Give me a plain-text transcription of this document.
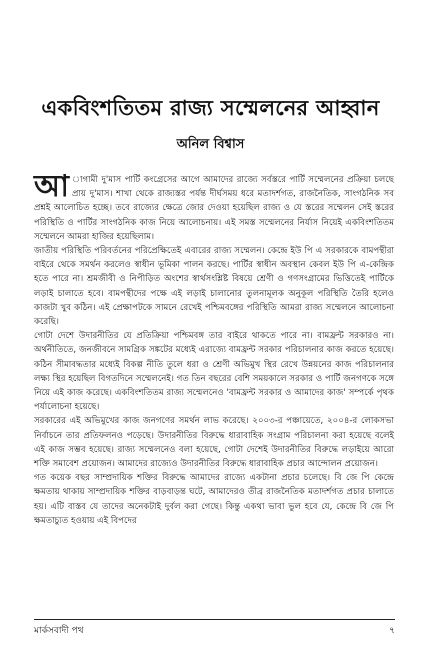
একবিংশতিতম রাজ্য সম্মেলনের আহ্বান
অনিল বিশ্বাস

আ াগামী দু'মাস পার্টি কংগ্রেসের আগে আমাদের রাজ্যে সর্বস্তরে পার্টি সম্মেলনের প্রক্রিয়া চলছে প্রায় দু'মাস। শাখা থেকে রাজ্যস্তর পর্যন্ত দীর্ঘসময় ধরে মতাদর্শগত, রাজনৈতিক, সাংগঠনিক সব প্রশ্নই আলোচিত হচ্ছে। তবে রাজ্যের ক্ষেত্রে জোর দেওয়া হয়েছিল রাজ্য ও যে স্তরের সম্মেলন সেই স্তরের পরিস্থিতি ও পার্টির সাংগঠনিক কাজ নিয়ে আলোচনায়। এই সমস্ত সম্মেলনের নির্যাস নিয়েই একবিংশতিতম সম্মেলনে আমরা হাজির হয়েছিলাম।

জাতীয় পরিস্থিতি পরিবর্তনের পরিপ্রেক্ষিতেই এবারের রাজ্য সম্মেলন। কেন্দ্রে ইউ পি এ সরকারকে বামপন্থীরা বাইরে থেকে সমর্থন করলেও স্বাধীন ভূমিকা পালন করছে। পার্টির স্বাধীন অবস্থান কেবল ইউ পি এ-কেন্দ্রিক হতে পারে না। শ্রমজীবী ও নিপীড়িত অংশের স্বার্থসংশ্লিষ্ট বিষয়ে শ্রেণী ও গণসংগ্রামের ভিত্তিতেই পার্টিকে লড়াই চালাতে হবে। বামপন্থীদের পক্ষে এই লড়াই চালানোর তুলনামূলক অনুকূল পরিস্থিতি তৈরি হলেও কাজটা খুব কঠিন। এই প্রেক্ষাপটকে সামনে রেখেই পশ্চিমবঙ্গের পরিস্থিতি আমরা রাজ্য সম্মেলনে আলোচনা করেছি।

গোটা দেশে উদারনীতির যে প্রতিক্রিয়া পশ্চিমবঙ্গ তার বাইরে থাকতে পারে না। বামফ্রন্ট সরকারও না। অর্থনীতিতে, জনজীবনে সামগ্রিক সঙ্কটের মধ্যেই এরাজ্যে বামফ্রন্ট সরকার পরিচালনার কাজ করতে হয়েছে। কঠিন সীমাবদ্ধতার মধ্যেই বিকল্প নীতি তুলে ধরা ও শ্রেণী অভিমুখ স্থির রেখে উন্নয়নের কাজ পরিচালনার লক্ষ্য স্থির হয়েছিল বিগতদিনে সম্মেলনেই। গত তিন বছরের বেশি সময়কালে সরকার ও পার্টি জনগণকে সঙ্গে নিয়ে এই কাজ করেছে। একবিংশতিতম রাজ্য সম্মেলনেও 'বামফ্রন্ট সরকার ও আমাদের কাজ' সম্পর্কে পৃথক পর্যালোচনা হয়েছে।

সরকারের এই অভিমুখের কাজ জনগণের সমর্থন লাভ করেছে। ২০০৩-র পঞ্চায়েতে, ২০০৪-র লোকসভা নির্বাচনে তার প্রতিফলনও পড়েছে। উদারনীতির বিরুদ্ধে ধারাবাহিক সংগ্রাম পরিচালনা করা হয়েছে বলেই এই কাজ সম্ভব হয়েছে। রাজ্য সম্মেলনেও বলা হয়েছে, গোটা দেশেই উদারনীতির বিরুদ্ধে লড়াইয়ে আরো শক্তি সমাবেশ প্রয়োজন। আমাদের রাজ্যেও উদারনীতির বিরুদ্ধে ধারাবাহিক প্রচার আন্দোলন প্রয়োজন।

গত কয়েক বছর সাম্প্রদায়িক শক্তির বিরুদ্ধে আমাদের রাজ্যে একটানা প্রচার চলেছে। বি জে পি কেন্দ্রে ক্ষমতায় থাকায় সাম্প্রদায়িক শক্তির বাড়বাড়ন্ত ঘটে, আমাদেরও তীব্র রাজনৈতিক মতাদর্শগত প্রচার চালাতে হয়। এটি বাস্তব যে তাদের অনেকটাই দুর্বল করা গেছে। কিন্তু একথা ভাবা ভুল হবে যে, কেন্দ্রে বি জে পি ক্ষমতাচ্যুত হওয়ায় এই বিপদের

মার্কসবাদী পথ	৭
